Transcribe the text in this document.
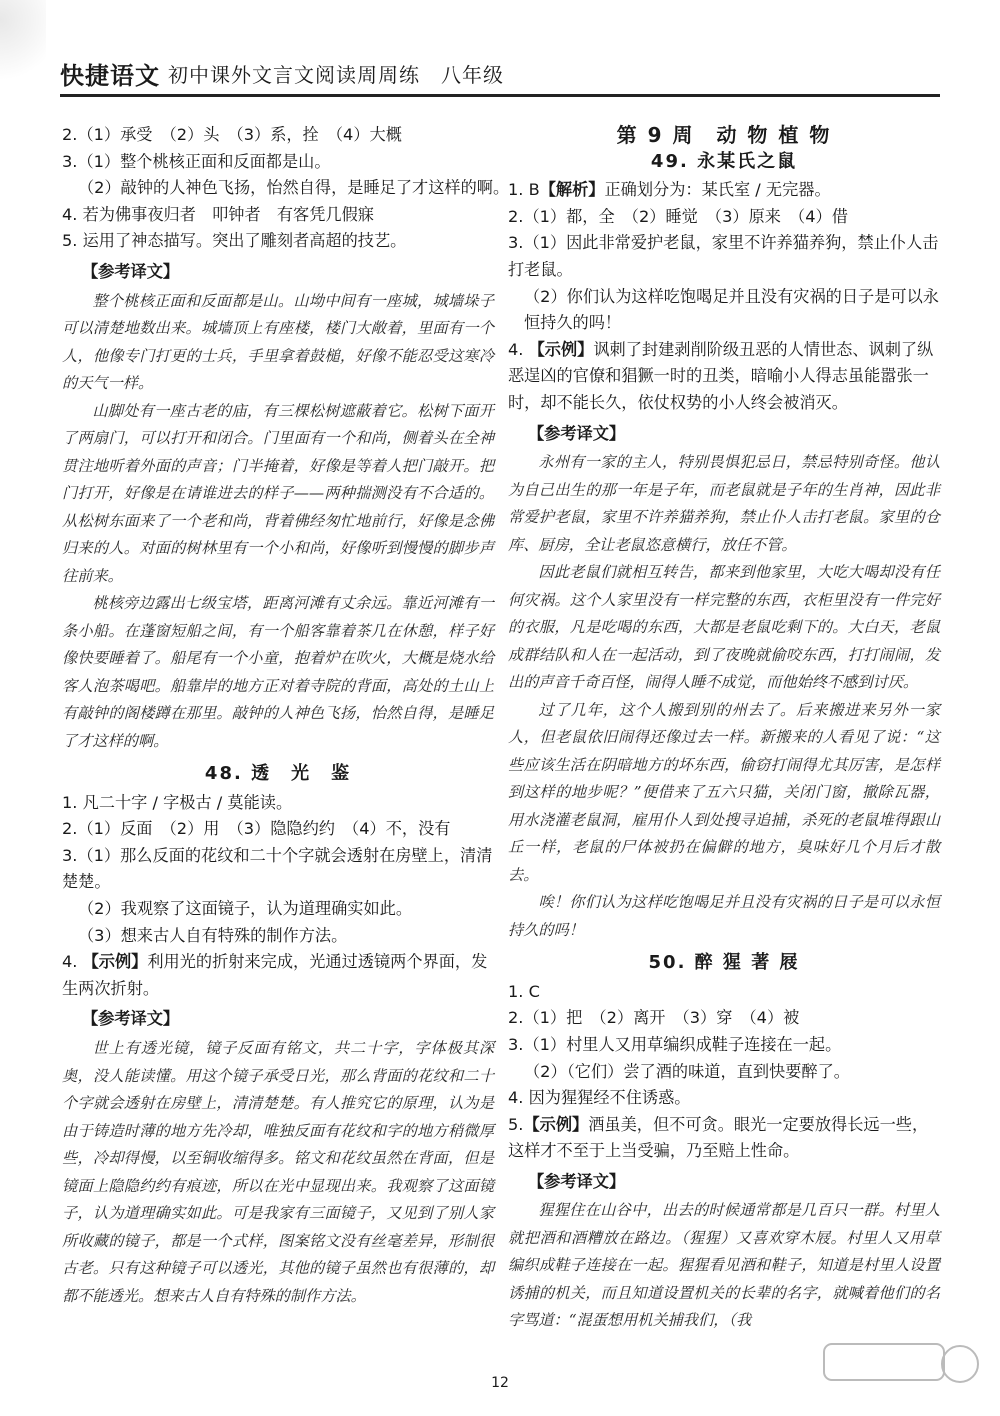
快捷语文 初中课外文言文阅读周周练　八年级

2.（1）承受　（2）头　（3）系，拴　（4）大概

3.（1）整个桃核正面和反面都是山。

（2）敲钟的人神色飞扬，怡然自得，是睡足了才这样的啊。

4. 若为佛事夜归者　叩钟者　有客凭几假寐

5. 运用了神态描写。突出了雕刻者高超的技艺。

【参考译文】

整个桃核正面和反面都是山。山坳中间有一座城，城墙垛子可以清楚地数出来。城墙顶上有座楼，楼门大敞着，里面有一个人，他像专门打更的士兵，手里拿着鼓槌，好像不能忍受这寒冷的天气一样。

山脚处有一座古老的庙，有三棵松树遮蔽着它。松树下面开了两扇门，可以打开和闭合。门里面有一个和尚，侧着头在全神贯注地听着外面的声音；门半掩着，好像是等着人把门敲开。把门打开，好像是在请谁进去的样子——两种揣测没有不合适的。从松树东面来了一个老和尚，背着佛经匆忙地前行，好像是念佛归来的人。对面的树林里有一个小和尚，好像听到慢慢的脚步声往前来。

桃核旁边露出七级宝塔，距离河滩有丈余远。靠近河滩有一条小船。在蓬窗短船之间，有一个船客靠着茶几在休憩，样子好像快要睡着了。船尾有一个小童，抱着炉在吹火，大概是烧水给客人泡茶喝吧。船靠岸的地方正对着寺院的背面，高处的土山上有敲钟的阁楼蹲在那里。敲钟的人神色飞扬，怡然自得，是睡足了才这样的啊。

48. 透　光　鉴

1. 凡二十字 / 字极古 / 莫能读。

2.（1）反面　（2）用　（3）隐隐约约　（4）不，没有

3.（1）那么反面的花纹和二十个字就会透射在房壁上，清清楚楚。

（2）我观察了这面镜子，认为道理确实如此。

（3）想来古人自有特殊的制作方法。

4. 【示例】利用光的折射来完成，光通过透镜两个界面，发生两次折射。

【参考译文】

世上有透光镜，镜子反面有铭文，共二十字，字体极其深奥，没人能读懂。用这个镜子承受日光，那么背面的花纹和二十个字就会透射在房壁上，清清楚楚。有人推究它的原理，认为是由于铸造时薄的地方先冷却，唯独反面有花纹和字的地方稍微厚些，冷却得慢，以至铜收缩得多。铭文和花纹虽然在背面，但是镜面上隐隐约约有痕迹，所以在光中显现出来。我观察了这面镜子，认为道理确实如此。可是我家有三面镜子，又见到了别人家所收藏的镜子，都是一个式样，图案铭文没有丝毫差异，形制很古老。只有这种镜子可以透光，其他的镜子虽然也有很薄的，却都不能透光。想来古人自有特殊的制作方法。

第 9 周　动 物 植 物
49. 永某氏之鼠

1. B【解析】正确划分为：某氏室 / 无完器。

2.（1）都，全　（2）睡觉　（3）原来　（4）借

3.（1）因此非常爱护老鼠，家里不许养猫养狗，禁止仆人击打老鼠。

（2）你们认为这样吃饱喝足并且没有灾祸的日子是可以永恒持久的吗！

4. 【示例】讽刺了封建剥削阶级丑恶的人情世态、讽刺了纵恶逞凶的官僚和猖獗一时的丑类，暗喻小人得志虽能嚣张一时，却不能长久，依仗权势的小人终会被消灭。

【参考译文】

永州有一家的主人，特别畏惧犯忌日，禁忌特别奇怪。他认为自己出生的那一年是子年，而老鼠就是子年的生肖神，因此非常爱护老鼠，家里不许养猫养狗，禁止仆人击打老鼠。家里的仓库、厨房，全让老鼠恣意横行，放任不管。

因此老鼠们就相互转告，都来到他家里，大吃大喝却没有任何灾祸。这个人家里没有一样完整的东西，衣柜里没有一件完好的衣服，凡是吃喝的东西，大都是老鼠吃剩下的。大白天，老鼠成群结队和人在一起活动，到了夜晚就偷咬东西，打打闹闹，发出的声音千奇百怪，闹得人睡不成觉，而他始终不感到讨厌。

过了几年，这个人搬到别的州去了。后来搬进来另外一家人，但老鼠依旧闹得还像过去一样。新搬来的人看见了说：“这些应该生活在阴暗地方的坏东西，偷窃打闹得尤其厉害，是怎样到这样的地步呢？”便借来了五六只猫，关闭门窗，撤除瓦器，用水浇灌老鼠洞，雇用仆人到处搜寻追捕，杀死的老鼠堆得跟山丘一样，老鼠的尸体被扔在偏僻的地方，臭味好几个月后才散去。

唉！你们认为这样吃饱喝足并且没有灾祸的日子是可以永恒持久的吗！

50. 醉 猩 著 屐

1. C

2.（1）把　（2）离开　（3）穿　（4）被

3.（1）村里人又用草编织成鞋子连接在一起。

（2）（它们）尝了酒的味道，直到快要醉了。

4. 因为猩猩经不住诱惑。

5.【示例】酒虽美，但不可贪。眼光一定要放得长远一些，这样才不至于上当受骗，乃至赔上性命。

【参考译文】

猩猩住在山谷中，出去的时候通常都是几百只一群。村里人就把酒和酒糟放在路边。（猩猩）又喜欢穿木屐。村里人又用草编织成鞋子连接在一起。猩猩看见酒和鞋子，知道是村里人设置诱捕的机关，而且知道设置机关的长辈的名字，就喊着他们的名字骂道：“混蛋想用机关捕我们，（我

12
